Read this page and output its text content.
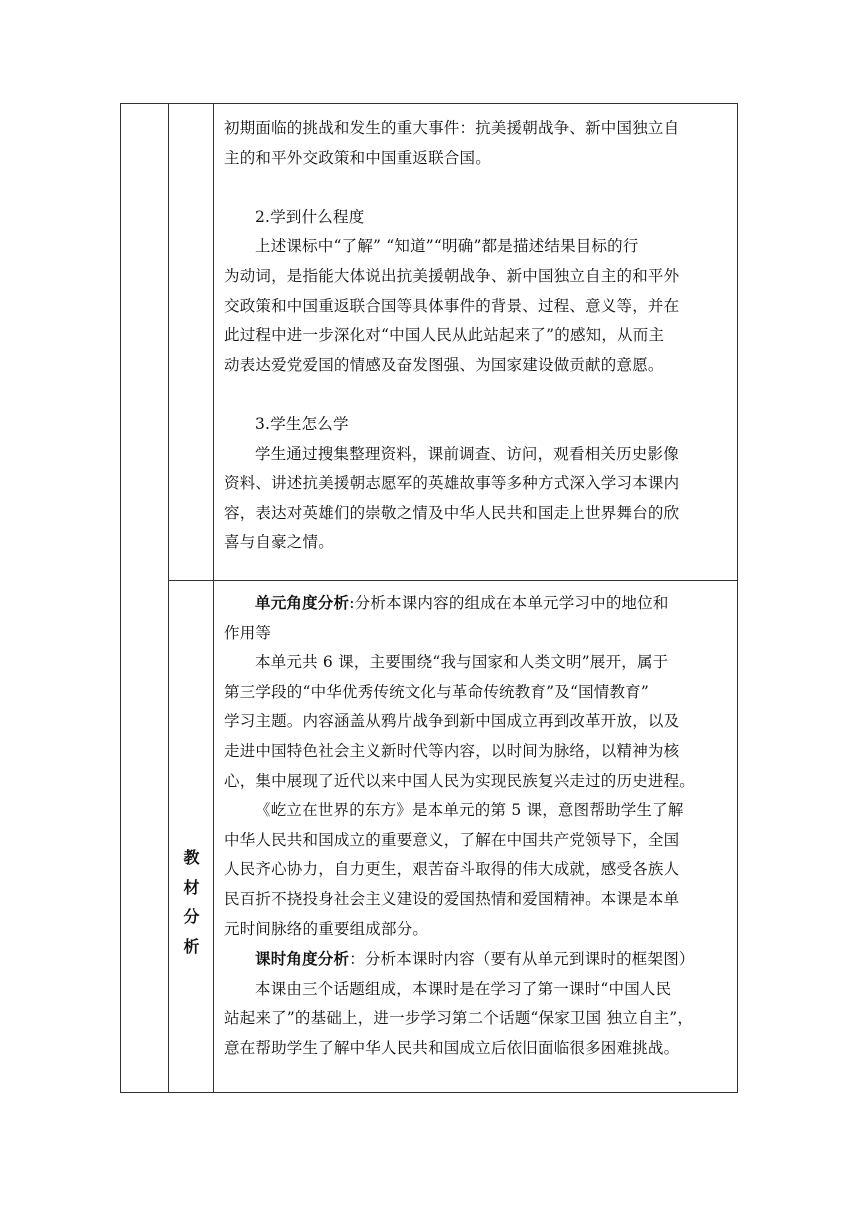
初期面临的挑战和发生的重大事件：抗美援朝战争、新中国独立自

主的和平外交政策和中国重返联合国。

2.学到什么程度

上述课标中“了解” “知道”“明确”都是描述结果目标的行

为动词，是指能大体说出抗美援朝战争、新中国独立自主的和平外

交政策和中国重返联合国等具体事件的背景、过程、意义等，并在

此过程中进一步深化对“中国人民从此站起来了”的感知，从而主

动表达爱党爱国的情感及奋发图强、为国家建设做贡献的意愿。

3.学生怎么学

学生通过搜集整理资料，课前调查、访问，观看相关历史影像

资料、讲述抗美援朝志愿军的英雄故事等多种方式深入学习本课内

容，表达对英雄们的崇敬之情及中华人民共和国走上世界舞台的欣

喜与自豪之情。

教
材
分
析

单元角度分析:分析本课内容的组成在本单元学习中的地位和

作用等

本单元共 6 课，主要围绕“我与国家和人类文明”展开，属于

第三学段的“中华优秀传统文化与革命传统教育”及“国情教育”

学习主题。内容涵盖从鸦片战争到新中国成立再到改革开放，以及

走进中国特色社会主义新时代等内容，以时间为脉络，以精神为核

心，集中展现了近代以来中国人民为实现民族复兴走过的历史进程。

《屹立在世界的东方》是本单元的第 5 课，意图帮助学生了解

中华人民共和国成立的重要意义，了解在中国共产党领导下，全国

人民齐心协力，自力更生，艰苦奋斗取得的伟大成就，感受各族人

民百折不挠投身社会主义建设的爱国热情和爱国精神。本课是本单

元时间脉络的重要组成部分。

课时角度分析：分析本课时内容（要有从单元到课时的框架图）

本课由三个话题组成，本课时是在学习了第一课时“中国人民

站起来了”的基础上，进一步学习第二个话题“保家卫国 独立自主”，

意在帮助学生了解中华人民共和国成立后依旧面临很多困难挑战。
